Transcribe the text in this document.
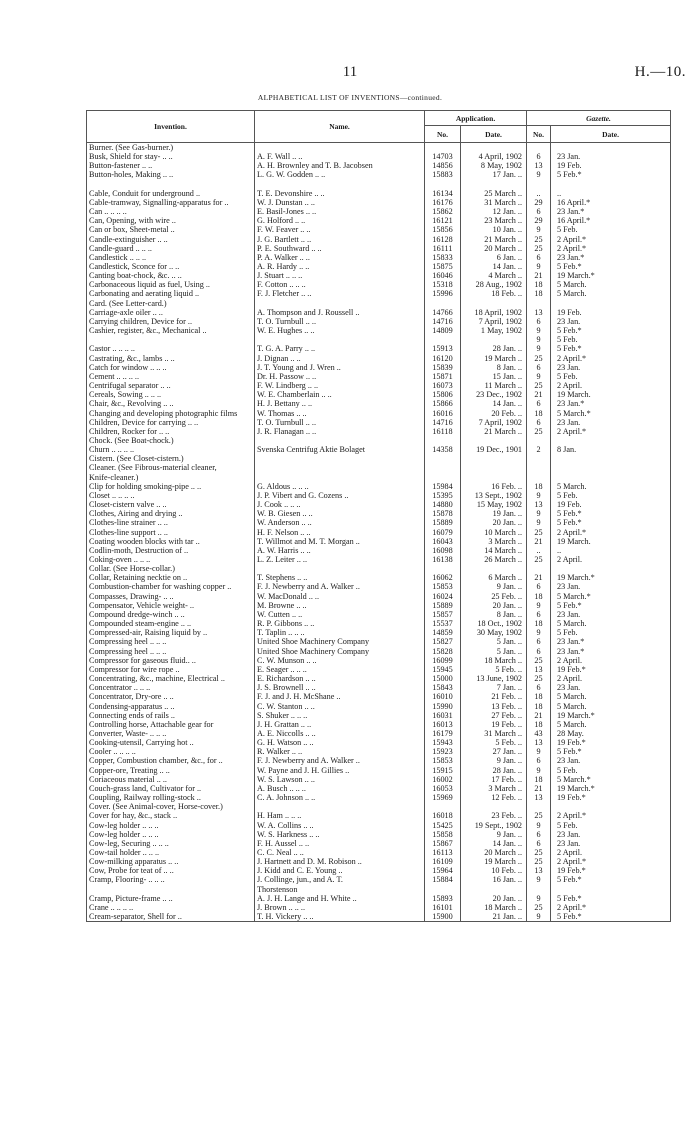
11	H.—10.
ALPHABETICAL LIST OF INVENTIONS—continued.
Invention.	Name.	Application.		Gazette.	
		No.	Date.	No.	Date.
Burner. (See Gas-burner.)					
Busk, Shield for stay- .. ..	A. F. Wall .. ..	14703	4 April, 1902	6	23 Jan.
Button-fastener .. ..	A. H. Brownley and T. B. Jacobsen	14856	8 May, 1902	13	19 Feb.
Button-holes, Making .. ..	L. G. W. Godden .. ..	15883	17 Jan. ..	9	5 Feb.*

Cable, Conduit for underground ..	T. E. Devonshire .. ..	16134	25 March ..	..	..
Cable-tramway, Signalling-apparatus for ..	W. J. Dunstan .. ..	16176	31 March ..	29	16 April.*
Can .. .. .. ..	E. Basil-Jones .. ..	15862	12 Jan. ..	6	23 Jan.*
Can, Opening, with wire ..	G. Holford .. ..	16121	23 March ..	29	16 April.*
Can or box, Sheet-metal ..	F. W. Feaver .. ..	15856	10 Jan. ..	9	5 Feb.
Candle-extinguisher .. ..	J. G. Bartlett .. ..	16128	21 March ..	25	2 April.*
Candle-guard .. .. ..	P. E. Southward .. ..	16111	20 March ..	25	2 April.*
Candlestick .. .. ..	P. A. Walker .. ..	15833	6 Jan. ..	6	23 Jan.*
Candlestick, Sconce for .. ..	A. R. Hardy .. ..	15875	14 Jan. ..	9	5 Feb.*
Canting boat-chock, &c. .. ..	J. Stuart .. .. ..	16046	4 March ..	21	19 March.*
Carbonaceous liquid as fuel, Using ..	F. Cotton .. .. ..	15318	28 Aug., 1902	18	5 March.
Carbonating and aerating liquid ..	F. J. Fletcher .. ..	15996	18 Feb. ..	18	5 March.
Card. (See Letter-card.)					
Carriage-axle oiler .. ..	A. Thompson and J. Roussell ..	14766	18 April, 1902	13	19 Feb.
Carrying children, Device for ..	T. O. Turnbull .. ..	14716	7 April, 1902	6	23 Jan.
Cashier, register, &c., Mechanical ..	W. E. Hughes .. ..	14809	1 May, 1902	9	5 Feb.*
				9	5 Feb.
Castor .. .. .. ..	T. G. A. Parry .. ..	15913	28 Jan. ..	9	5 Feb.*
Castrating, &c., lambs .. ..	J. Dignan .. ..	16120	19 March ..	25	2 April.*
Catch for window .. .. ..	J. T. Young and J. Wren ..	15839	8 Jan. ..	6	23 Jan.
Cement .. .. .. ..	Dr. H. Passow .. ..	15871	15 Jan. ..	9	5 Feb.
Centrifugal separator .. ..	F. W. Lindberg .. ..	16073	11 March ..	25	2 April.
Cereals, Sowing .. .. ..	W. E. Chamberlain .. ..	15806	23 Dec., 1902	21	19 March.
Chair, &c., Revolving .. ..	H. J. Bettany .. ..	15866	14 Jan. ..	6	23 Jan.*
Changing and developing photographic films	W. Thomas .. ..	16016	20 Feb. ..	18	5 March.*
Children, Device for carrying .. ..	T. O. Turnbull .. ..	14716	7 April, 1902	6	23 Jan.
Children, Rocker for .. ..	J. R. Flanagan .. ..	16118	21 March ..	25	2 April.*
Chock. (See Boat-chock.)					
Churn .. .. .. ..	Svenska Centrifug Aktie Bolaget	14358	19 Dec., 1901	2	8 Jan.
Cistern. (See Closet-cistern.)					
Cleaner. (See Fibrous-material cleaner,					
Knife-cleaner.)					
Clip for holding smoking-pipe .. ..	G. Aldous .. .. ..	15984	16 Feb. ..	18	5 March.
Closet .. .. .. ..	J. P. Vibert and G. Cozens ..	15395	13 Sept., 1902	9	5 Feb.
Closet-cistern valve .. ..	J. Cook .. .. ..	14880	15 May, 1902	13	19 Feb.
Clothes, Airing and drying ..	W. B. Giesen .. ..	15878	19 Jan. ..	9	5 Feb.*
Clothes-line strainer .. ..	W. Anderson .. ..	15889	20 Jan. ..	9	5 Feb.*
Clothes-line support .. ..	H. F. Nelson .. ..	16079	10 March ..	25	2 April.*
Coating wooden blocks with tar ..	T. Willmot and M. T. Morgan ..	16043	3 March ..	21	19 March.
Codlin-moth, Destruction of ..	A. W. Harris .. ..	16098	14 March ..	..	..
Coking-oven .. .. ..	L. Z. Leiter .. ..	16138	26 March ..	25	2 April.
Collar. (See Horse-collar.)					
Collar, Retaining necktie on ..	T. Stephens .. ..	16062	6 March ..	21	19 March.*
Combustion-chamber for washing copper ..	F. J. Newberry and A. Walker ..	15853	9 Jan. ..	6	23 Jan.
Compasses, Drawing- .. ..	W. MacDonald .. ..	16024	25 Feb. ..	18	5 March.*
Compensator, Vehicle weight- ..	M. Browne .. ..	15889	20 Jan. ..	9	5 Feb.*
Compound dredge-winch .. ..	W. Cutten .. ..	15857	8 Jan. ..	6	23 Jan.
Compounded steam-engine .. ..	R. P. Gibbons .. ..	15537	18 Oct., 1902	18	5 March.
Compressed-air, Raising liquid by ..	T. Taplin .. .. ..	14859	30 May, 1902	9	5 Feb.
Compressing heel .. .. ..	United Shoe Machinery Company	15827	5 Jan. ..	6	23 Jan.*
Compressing heel .. .. ..	United Shoe Machinery Company	15828	5 Jan. ..	6	23 Jan.*
Compressor for gaseous fluid.. ..	C. W. Munson .. ..	16099	18 March ..	25	2 April.
Compressor for wire rope ..	E. Seager .. .. ..	15945	5 Feb. ..	13	19 Feb.*
Concentrating, &c., machine, Electrical ..	E. Richardson .. ..	15000	13 June, 1902	25	2 April.
Concentrator .. .. ..	J. S. Brownell .. ..	15843	7 Jan. ..	6	23 Jan.
Concentrator, Dry-ore .. ..	F. J. and J. H. McShane ..	16010	21 Feb. ..	18	5 March.
Condensing-apparatus .. ..	C. W. Stanton .. ..	15990	13 Feb. ..	18	5 March.
Connecting ends of rails ..	S. Shuker .. .. ..	16031	27 Feb. ..	21	19 March.*
Controlling horse, Attachable gear for	J. H. Grattan .. ..	16013	19 Feb. ..	18	5 March.
Converter, Waste- .. .. ..	A. E. Niccolls .. ..	16179	31 March ..	43	28 May.
Cooking-utensil, Carrying hot ..	G. H. Watson .. ..	15943	5 Feb. ..	13	19 Feb.*
Cooler .. .. .. ..	R. Walker .. ..	15923	27 Jan. ..	9	5 Feb.*
Copper, Combustion chamber, &c., for ..	F. J. Newberry and A. Walker ..	15853	9 Jan. ..	6	23 Jan.
Copper-ore, Treating .. ..	W. Payne and J. H. Gillies ..	15915	28 Jan. ..	9	5 Feb.
Coriaceous material .. ..	W. S. Lawson .. ..	16002	17 Feb. ..	18	5 March.*
Couch-grass land, Cultivator for ..	A. Busch .. .. ..	16053	3 March ..	21	19 March.*
Coupling, Railway rolling-stock ..	C. A. Johnson .. ..	15969	12 Feb. ..	13	19 Feb.*
Cover. (See Animal-cover, Horse-cover.)					
Cover for hay, &c., stack ..	H. Ham .. .. ..	16018	23 Feb. ..	25	2 April.*
Cow-leg holder .. .. ..	W. A. Collins .. ..	15425	19 Sept., 1902	9	5 Feb.
Cow-leg holder .. .. ..	W. S. Harkness .. ..	15858	9 Jan. ..	6	23 Jan.
Cow-leg, Securing .. .. ..	F. H. Aussel .. ..	15867	14 Jan. ..	6	23 Jan.
Cow-tail holder .. .. ..	C. C. Neal .. ..	16113	20 March ..	25	2 April.
Cow-milking apparatus .. ..	J. Hartnett and D. M. Robison ..	16109	19 March ..	25	2 April.*
Cow, Probe for teat of .. ..	J. Kidd and C. E. Young ..	15964	10 Feb. ..	13	19 Feb.*
Cramp, Flooring- .. .. ..	J. Collinge, jun., and A. T.	15884	16 Jan. ..	9	5 Feb.*
	Thorstenson				
Cramp, Picture-frame .. ..	A. J. H. Lange and H. White ..	15893	20 Jan. ..	9	5 Feb.*
Crane .. .. .. ..	J. Brown .. .. ..	16101	18 March ..	25	2 April.*
Cream-separator, Shell for ..	T. H. Vickery .. ..	15900	21 Jan. ..	9	5 Feb.*
